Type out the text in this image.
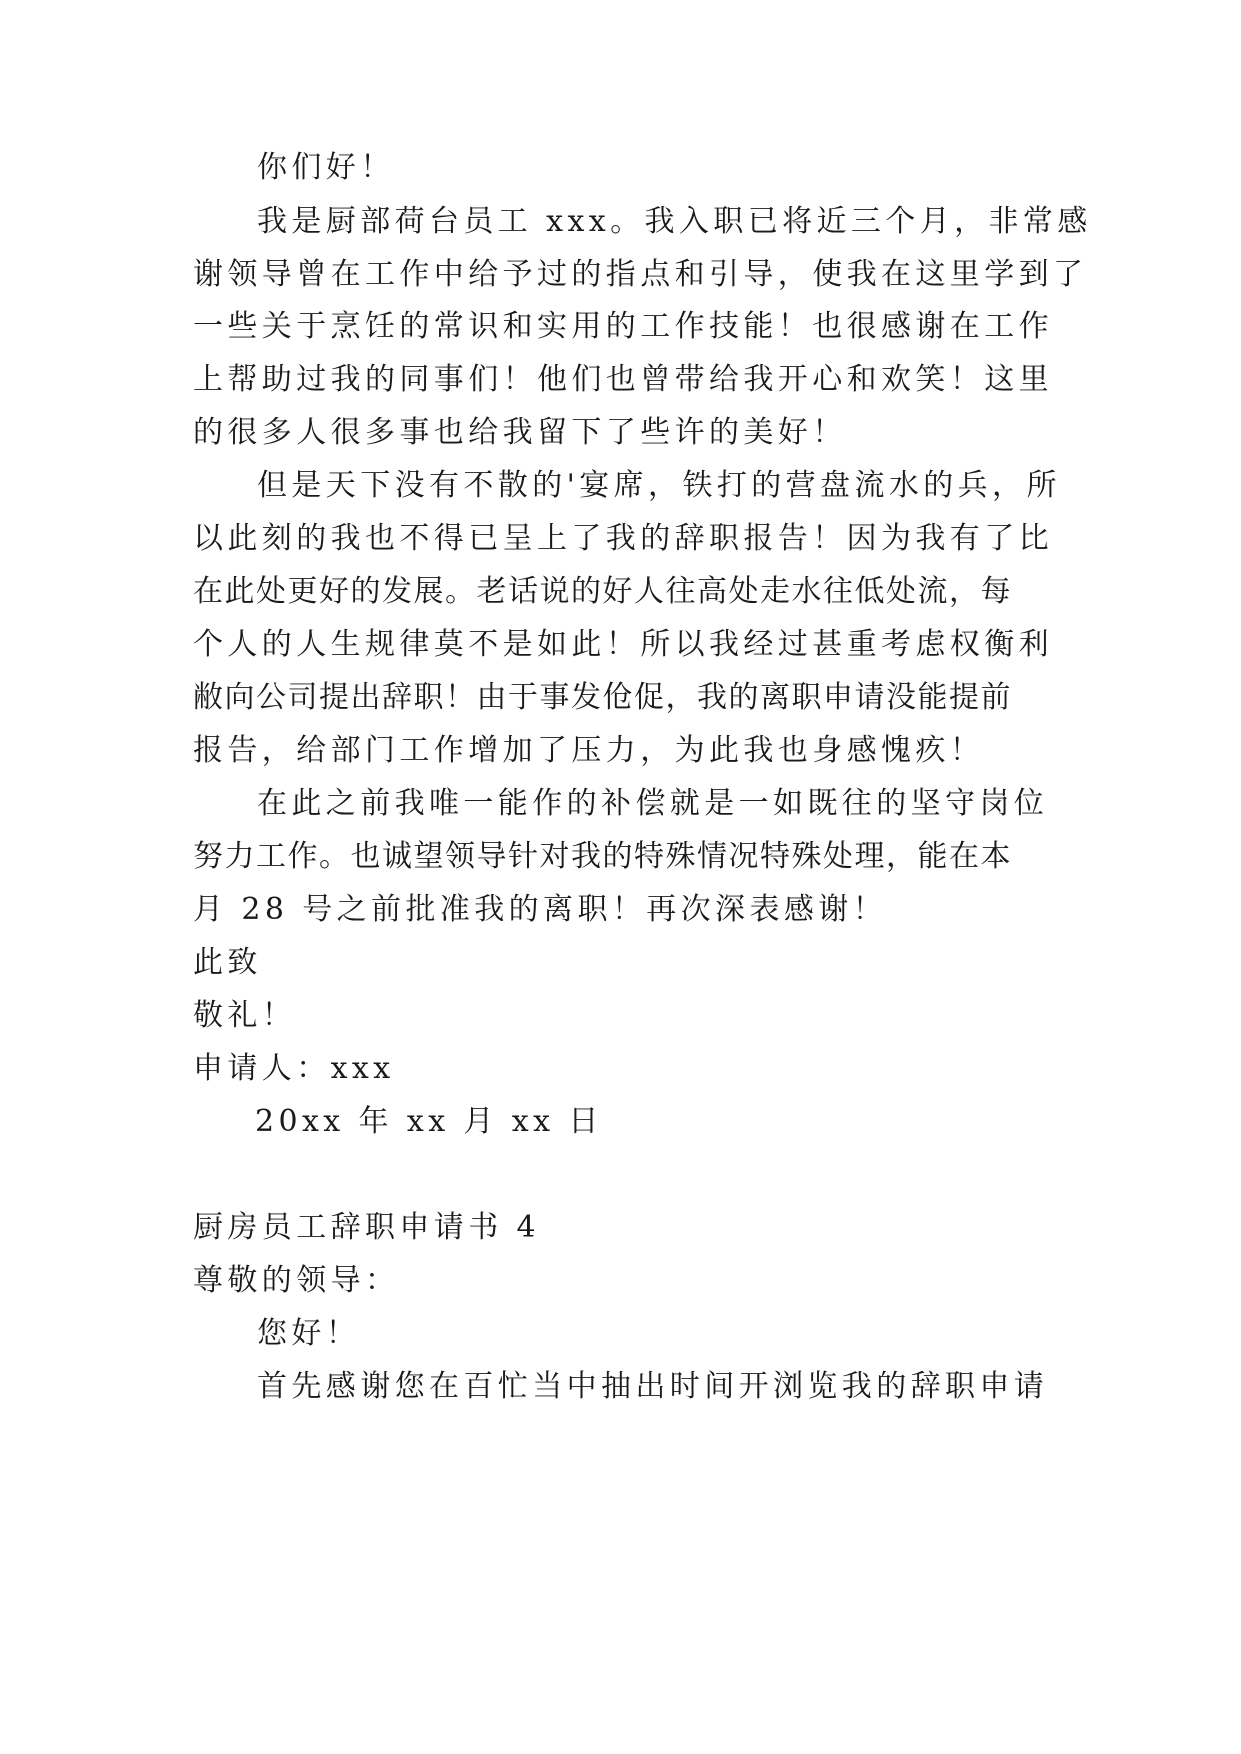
你们好！
我是厨部荷台员工 xxx。我入职已将近三个月，非常感
谢领导曾在工作中给予过的指点和引导，使我在这里学到了
一些关于烹饪的常识和实用的工作技能！也很感谢在工作
上帮助过我的同事们！他们也曾带给我开心和欢笑！这里
的很多人很多事也给我留下了些许的美好！
但是天下没有不散的'宴席，铁打的营盘流水的兵，所
以此刻的我也不得已呈上了我的辞职报告！因为我有了比
在此处更好的发展。老话说的好人往高处走水往低处流，每
个人的人生规律莫不是如此！所以我经过甚重考虑权衡利
敝向公司提出辞职！由于事发伧促，我的离职申请没能提前
报告，给部门工作增加了压力，为此我也身感愧疚！
在此之前我唯一能作的补偿就是一如既往的坚守岗位
努力工作。也诚望领导针对我的特殊情况特殊处理，能在本
月 28 号之前批准我的离职！再次深表感谢！
此致
敬礼！
申请人：xxx
20xx 年 xx 月 xx 日
厨房员工辞职申请书 4
尊敬的领导：
您好！
首先感谢您在百忙当中抽出时间开浏览我的辞职申请
